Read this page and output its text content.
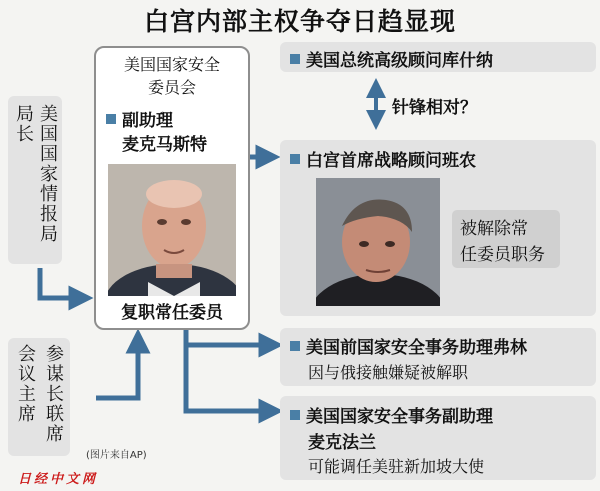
白宫内部主权争夺日趋显现
美国国家情报局
局长
参谋长联席
会议主席
美国国家安全
委员会
副助理
麦克马斯特
复职常任委员
美国总统高级顾问库什纳
针锋相对？
白宫首席战略顾问班农
被解除常
任委员职务
美国前国家安全事务助理弗林
因与俄接触嫌疑被解职
美国国家安全事务副助理
麦克法兰
可能调任美驻新加坡大使
(图片来自AP)
日经中文网
